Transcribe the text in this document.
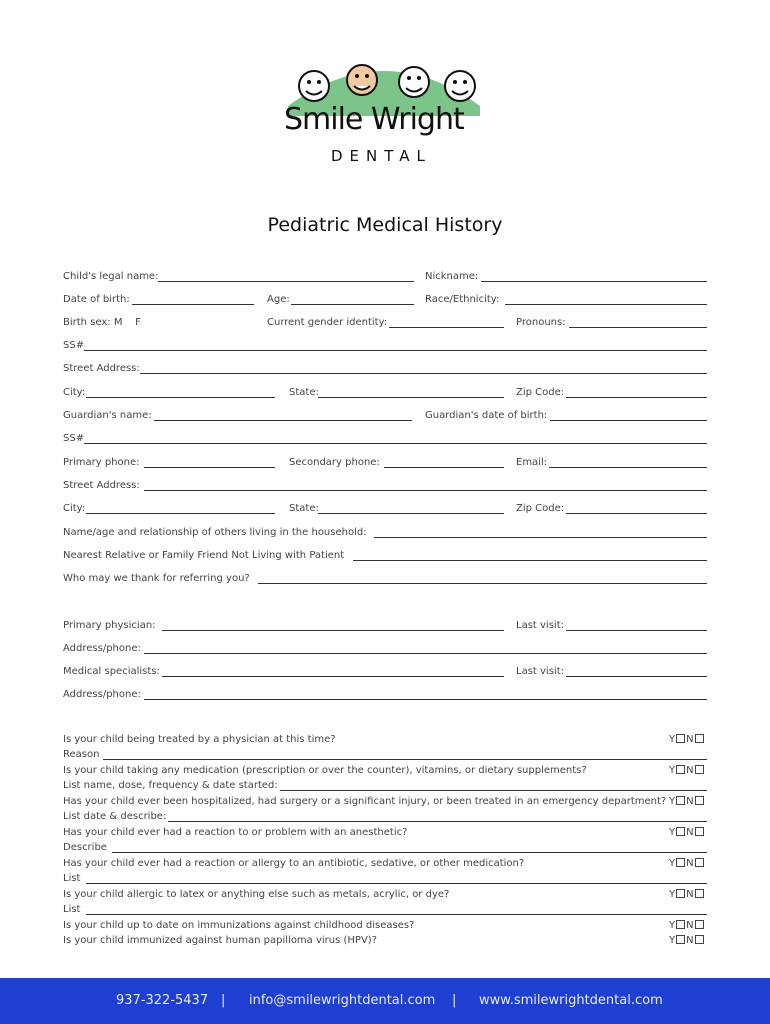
Smile Wright
DENTAL
Pediatric Medical History
Child's legal name:	Nickname:
Date of birth:	Age:	Race/Ethnicity:
Birth sex: M    F	Current gender identity:	Pronouns:
SS#
Street Address:
City:	State:	Zip Code:
Guardian's name:	Guardian's date of birth:
SS#
Primary phone:	Secondary phone:	Email:
Street Address:
City:	State:	Zip Code:
Name/age and relationship of others living in the household:
Nearest Relative or Family Friend Not Living with Patient
Who may we thank for referring you?
Primary physician:	Last visit:
Address/phone:
Medical specialists:	Last visit:
Address/phone:
Is your child being treated by a physician at this time?	Y N
Reason
Is your child taking any medication (prescription or over the counter), vitamins, or dietary supplements?	Y N
List name, dose, frequency & date started:
Has your child ever been hospitalized, had surgery or a significant injury, or been treated in an emergency department? Y N
List date & describe:
Has your child ever had a reaction to or problem with an anesthetic?	Y N
Describe
Has your child ever had a reaction or allergy to an antibiotic, sedative, or other medication?	Y N
List
Is your child allergic to latex or anything else such as metals, acrylic, or dye?	Y N
List
Is your child up to date on immunizations against childhood diseases?	Y N
Is your child immunized against human papilloma virus (HPV)?	Y N
937-322-5437 | info@smilewrightdental.com | www.smilewrightdental.com
